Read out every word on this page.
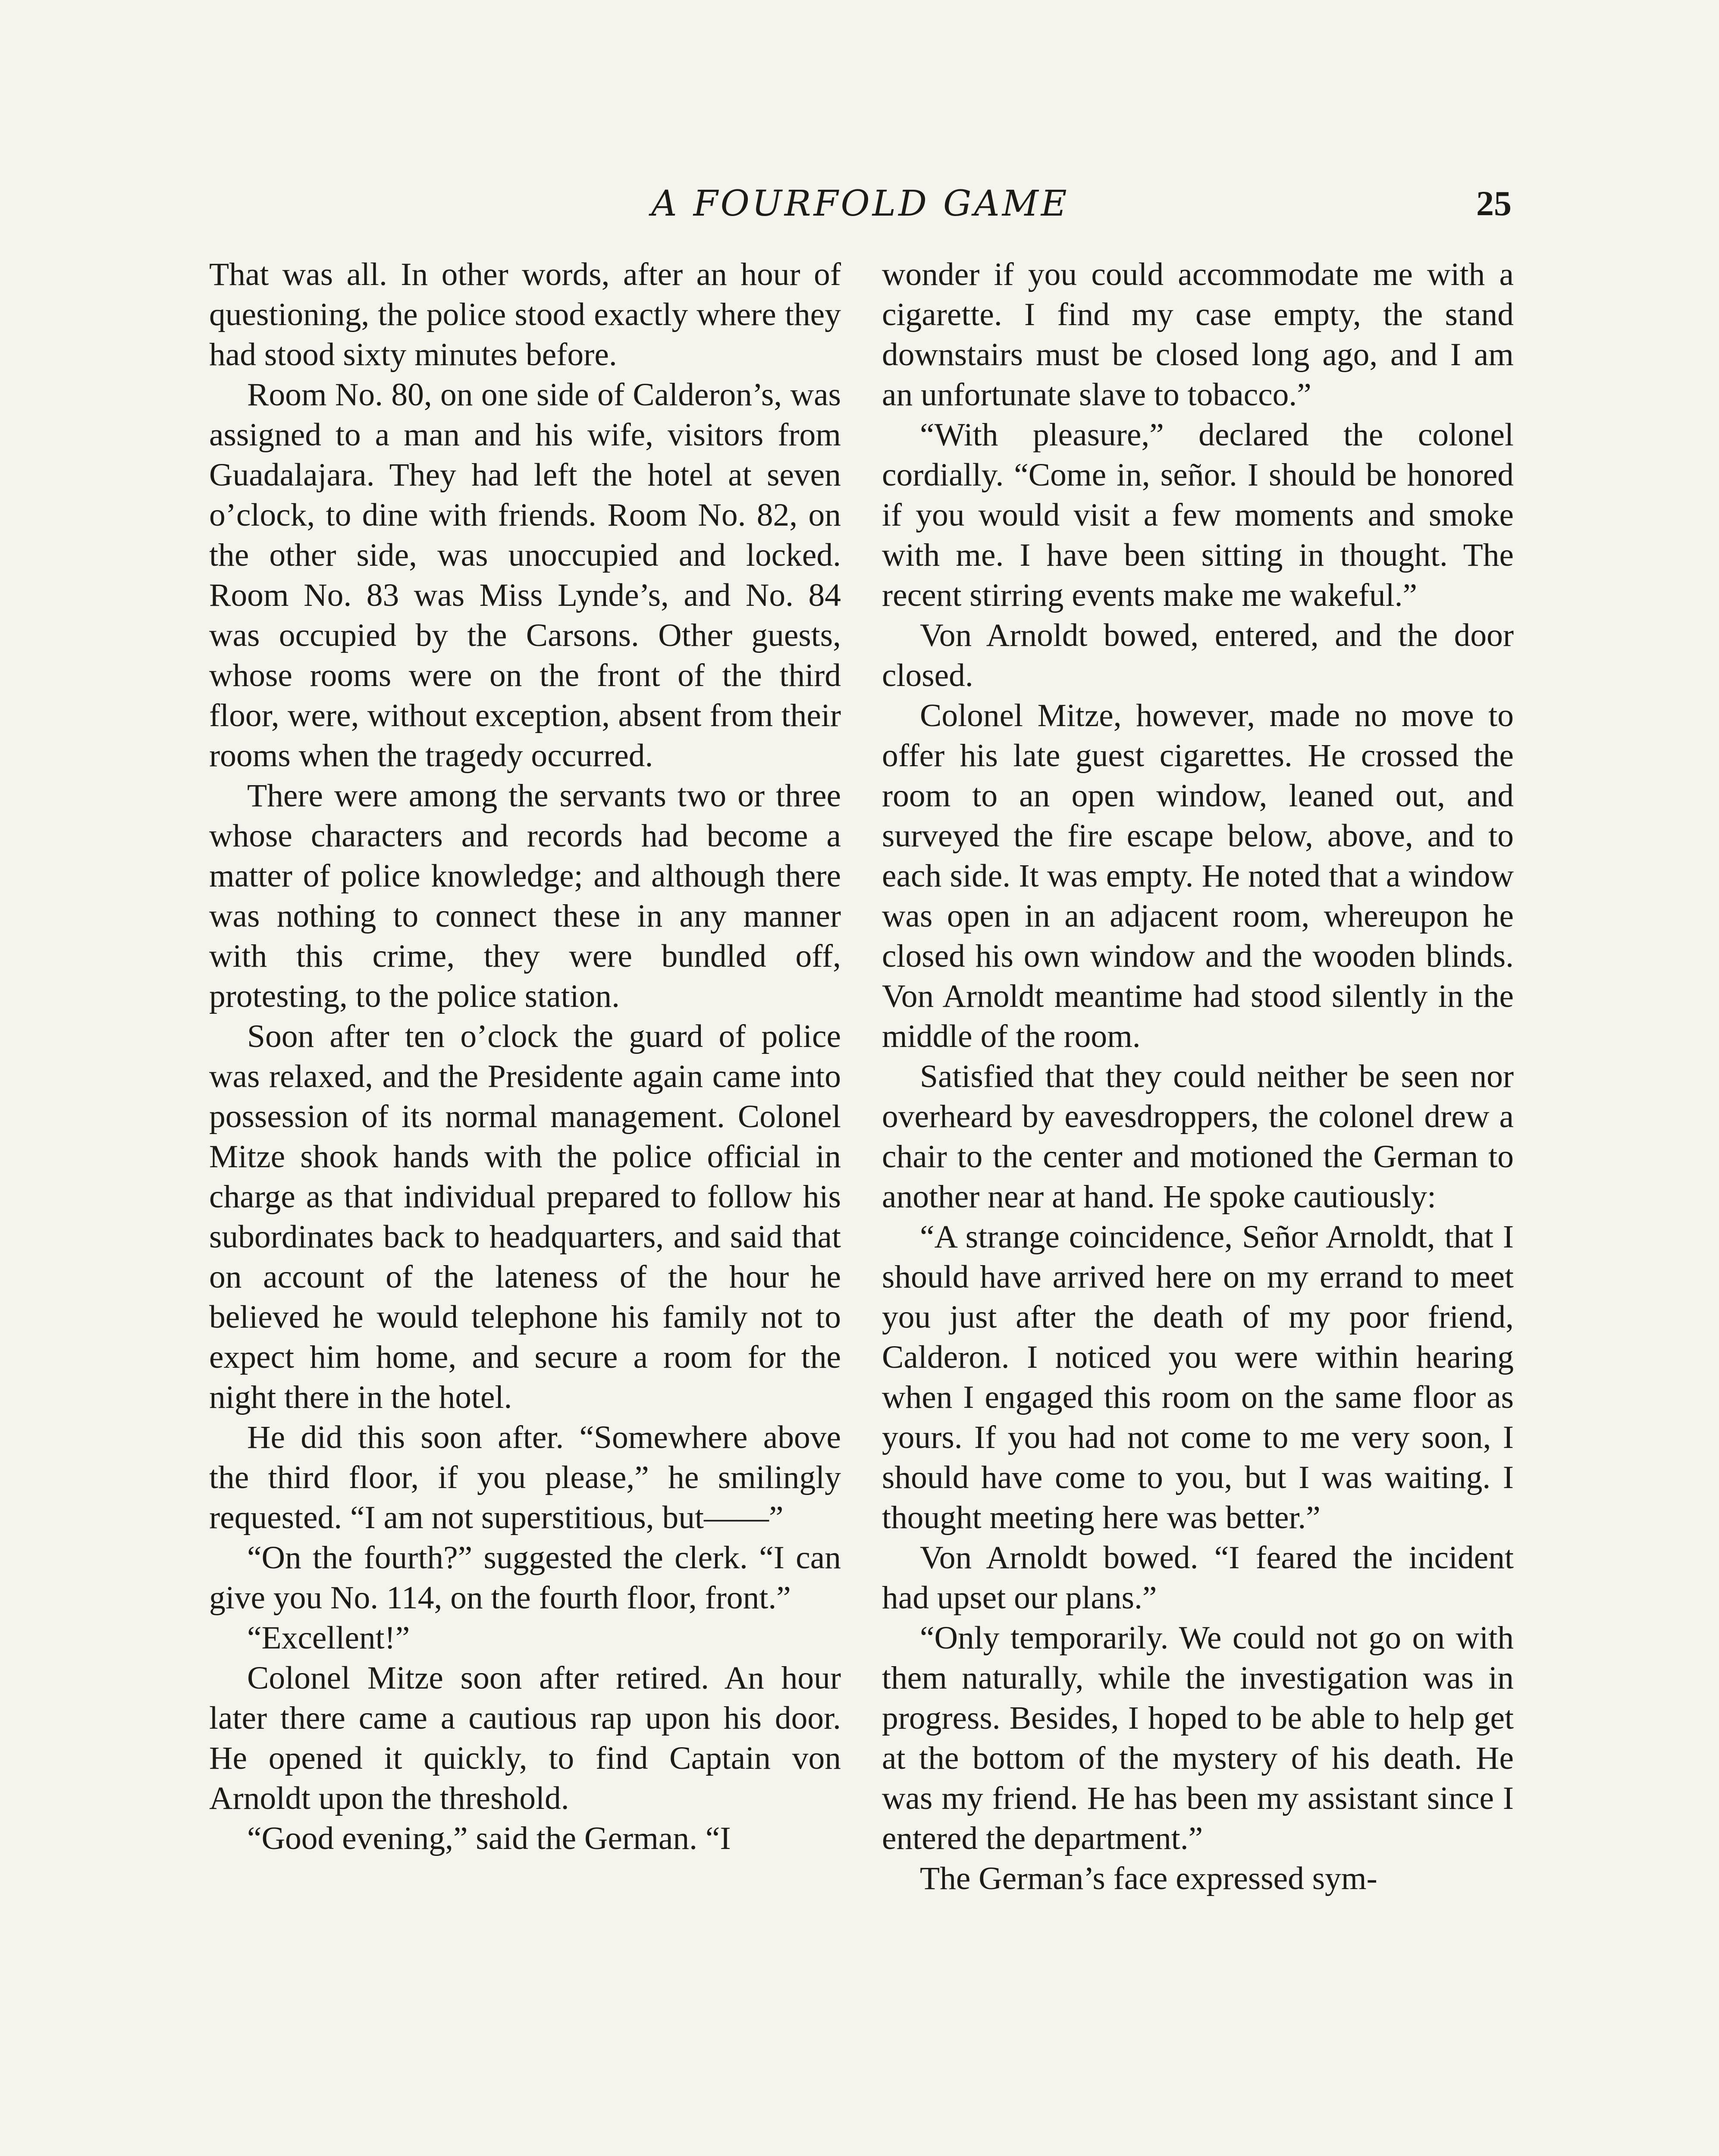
A FOURFOLD GAME	25

That was all. In other words, after an hour of questioning, the police stood exactly where they had stood sixty minutes before.

Room No. 80, on one side of Calderon’s, was assigned to a man and his wife, visitors from Guadalajara. They had left the hotel at seven o’clock, to dine with friends. Room No. 82, on the other side, was unoccupied and locked. Room No. 83 was Miss Lynde’s, and No. 84 was occupied by the Carsons. Other guests, whose rooms were on the front of the third floor, were, without exception, absent from their rooms when the tragedy occurred.

There were among the servants two or three whose characters and records had become a matter of police knowledge; and although there was nothing to connect these in any manner with this crime, they were bundled off, protesting, to the police station.

Soon after ten o’clock the guard of police was relaxed, and the Presidente again came into possession of its normal management. Colonel Mitze shook hands with the police official in charge as that individual prepared to follow his subordinates back to headquarters, and said that on account of the lateness of the hour he believed he would telephone his family not to expect him home, and secure a room for the night there in the hotel.

He did this soon after. “Somewhere above the third floor, if you please,” he smilingly requested. “I am not superstitious, but——”

“On the fourth?” suggested the clerk. “I can give you No. 114, on the fourth floor, front.”

“Excellent!”

Colonel Mitze soon after retired. An hour later there came a cautious rap upon his door. He opened it quickly, to find Captain von Arnoldt upon the threshold.

“Good evening,” said the German. “I

wonder if you could accommodate me with a cigarette. I find my case empty, the stand downstairs must be closed long ago, and I am an unfortunate slave to tobacco.”

“With pleasure,” declared the colonel cordially. “Come in, señor. I should be honored if you would visit a few moments and smoke with me. I have been sitting in thought. The recent stirring events make me wakeful.”

Von Arnoldt bowed, entered, and the door closed.

Colonel Mitze, however, made no move to offer his late guest cigarettes. He crossed the room to an open window, leaned out, and surveyed the fire escape below, above, and to each side. It was empty. He noted that a window was open in an adjacent room, whereupon he closed his own window and the wooden blinds. Von Arnoldt meantime had stood silently in the middle of the room.

Satisfied that they could neither be seen nor overheard by eavesdroppers, the colonel drew a chair to the center and motioned the German to another near at hand. He spoke cautiously:

“A strange coincidence, Señor Arnoldt, that I should have arrived here on my errand to meet you just after the death of my poor friend, Calderon. I noticed you were within hearing when I engaged this room on the same floor as yours. If you had not come to me very soon, I should have come to you, but I was waiting. I thought meeting here was better.”

Von Arnoldt bowed. “I feared the incident had upset our plans.”

“Only temporarily. We could not go on with them naturally, while the investigation was in progress. Besides, I hoped to be able to help get at the bottom of the mystery of his death. He was my friend. He has been my assistant since I entered the department.”

The German’s face expressed sym-
